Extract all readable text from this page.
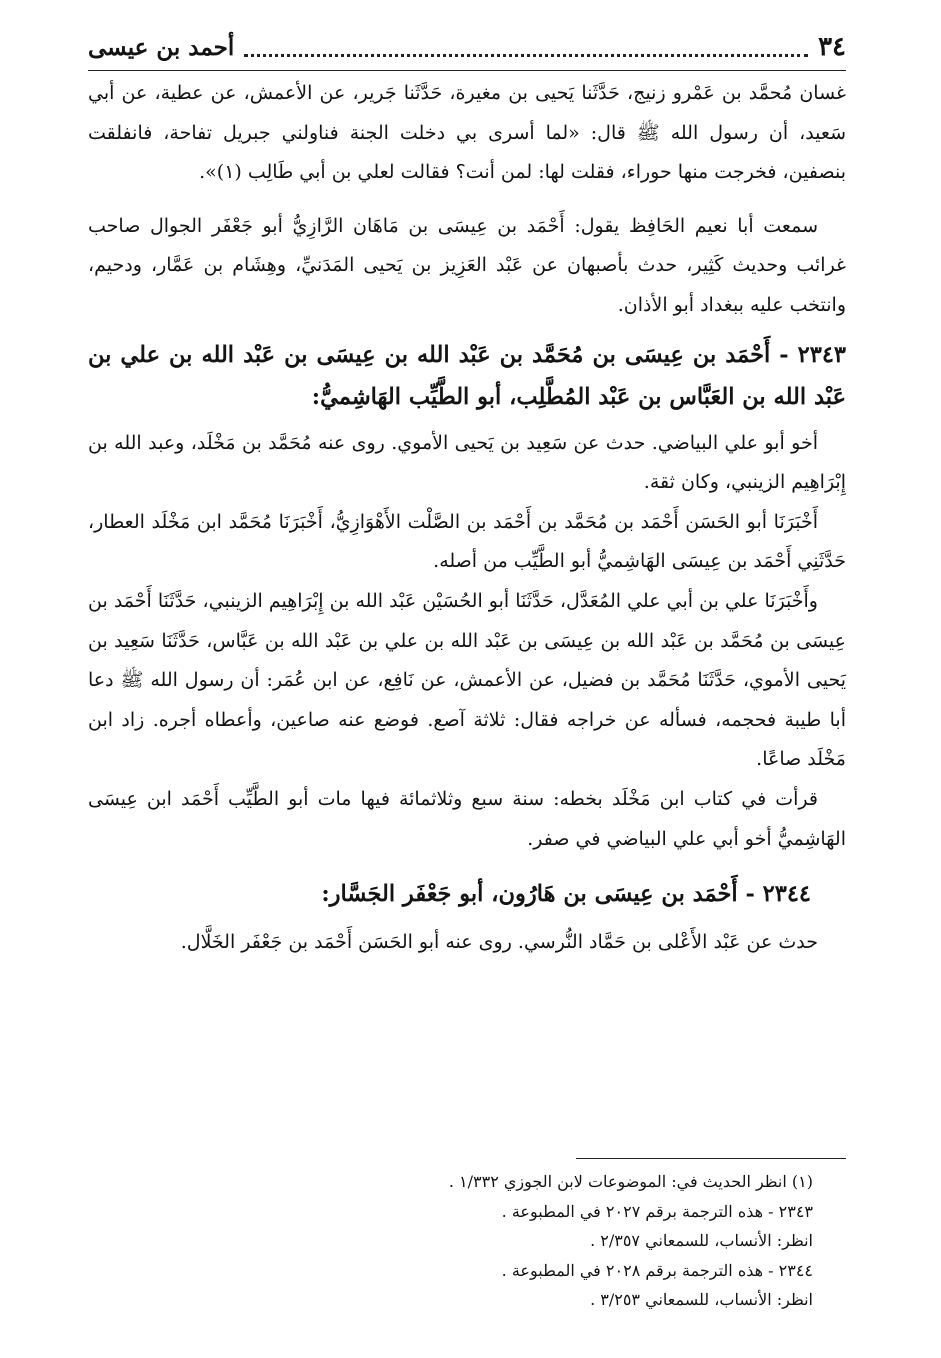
٣٤
أحمد بن عيسى

غسان مُحمَّد بن عَمْرو زنيج، حَدَّثَنا يَحيى بن مغيرة، حَدَّثَنا جَرير، عن الأعمش، عن عطية، عن أبي سَعيد، أن رسول الله ﷺ قال: «لما أسرى بي دخلت الجنة فناولني جبريل تفاحة، فانفلقت بنصفين، فخرجت منها حوراء، فقلت لها: لمن أنت؟ فقالت لعلي بن أبي طَالِب (١)».

سمعت أبا نعيم الحَافِظ يقول: أَحْمَد بن عِيسَى بن مَاهَان الرَّازِيُّ أبو جَعْفَر الجوال صاحب غرائب وحديث كَثِير، حدث بأصبهان عن عَبْد العَزِيز بن يَحيى المَدَنيِّ، وهِشَام بن عَمَّار، ودحيم، وانتخب عليه ببغداد أبو الأذان.

٢٣٤٣ - أَحْمَد بن عِيسَى بن مُحَمَّد بن عَبْد الله بن عِيسَى بن عَبْد الله بن علي بن عَبْد الله بن العَبَّاس بن عَبْد المُطَّلِب، أبو الطَّيِّب الهَاشِميُّ:

أخو أبو علي البياضي. حدث عن سَعِيد بن يَحيى الأموي. روى عنه مُحَمَّد بن مَخْلَد، وعبد الله بن إِبْرَاهِيم الزينبي، وكان ثقة.

أَخْبَرَنَا أبو الحَسَن أَحْمَد بن مُحَمَّد بن أَحْمَد بن الصَّلْت الأَهْوَازِيُّ، أَخْبَرَنَا مُحَمَّد ابن مَخْلَد العطار، حَدَّثَنِي أَحْمَد بن عِيسَى الهَاشِميُّ أبو الطَّيِّب من أصله.

وأَخْبَرَنَا علي بن أبي علي المُعَدَّل، حَدَّثَنَا أبو الحُسَيْن عَبْد الله بن إِبْرَاهِيم الزينبي، حَدَّثَنَا أَحْمَد بن عِيسَى بن مُحَمَّد بن عَبْد الله بن عِيسَى بن عَبْد الله بن علي بن عَبْد الله بن عَبَّاس، حَدَّثَنَا سَعِيد بن يَحيى الأموي، حَدَّثَنَا مُحَمَّد بن فضيل، عن الأعمش، عن نَافِع، عن ابن عُمَر: أن رسول الله ﷺ دعا أبا طيبة فحجمه، فسأله عن خراجه فقال: ثلاثة آصع. فوضع عنه صاعين، وأعطاه أجره. زاد ابن مَخْلَد صاعًا.

قرأت في كتاب ابن مَخْلَد بخطه: سنة سبع وثلاثمائة فيها مات أبو الطَّيِّب أَحْمَد ابن عِيسَى الهَاشِميُّ أخو أبي علي البياضي في صفر.

٢٣٤٤ - أَحْمَد بن عِيسَى بن هَارُون، أبو جَعْفَر الجَسَّار:

حدث عن عَبْد الأَعْلى بن حَمَّاد النُّرسي. روى عنه أبو الحَسَن أَحْمَد بن جَعْفَر الخَلَّال.

(١) انظر الحديث في: الموضوعات لابن الجوزي ١/٣٣٢ .

٢٣٤٣ - هذه الترجمة برقم ٢٠٢٧ في المطبوعة .

انظر: الأنساب، للسمعاني ٢/٣٥٧ .

٢٣٤٤ - هذه الترجمة برقم ٢٠٢٨ في المطبوعة .

انظر: الأنساب، للسمعاني ٣/٢٥٣ .
